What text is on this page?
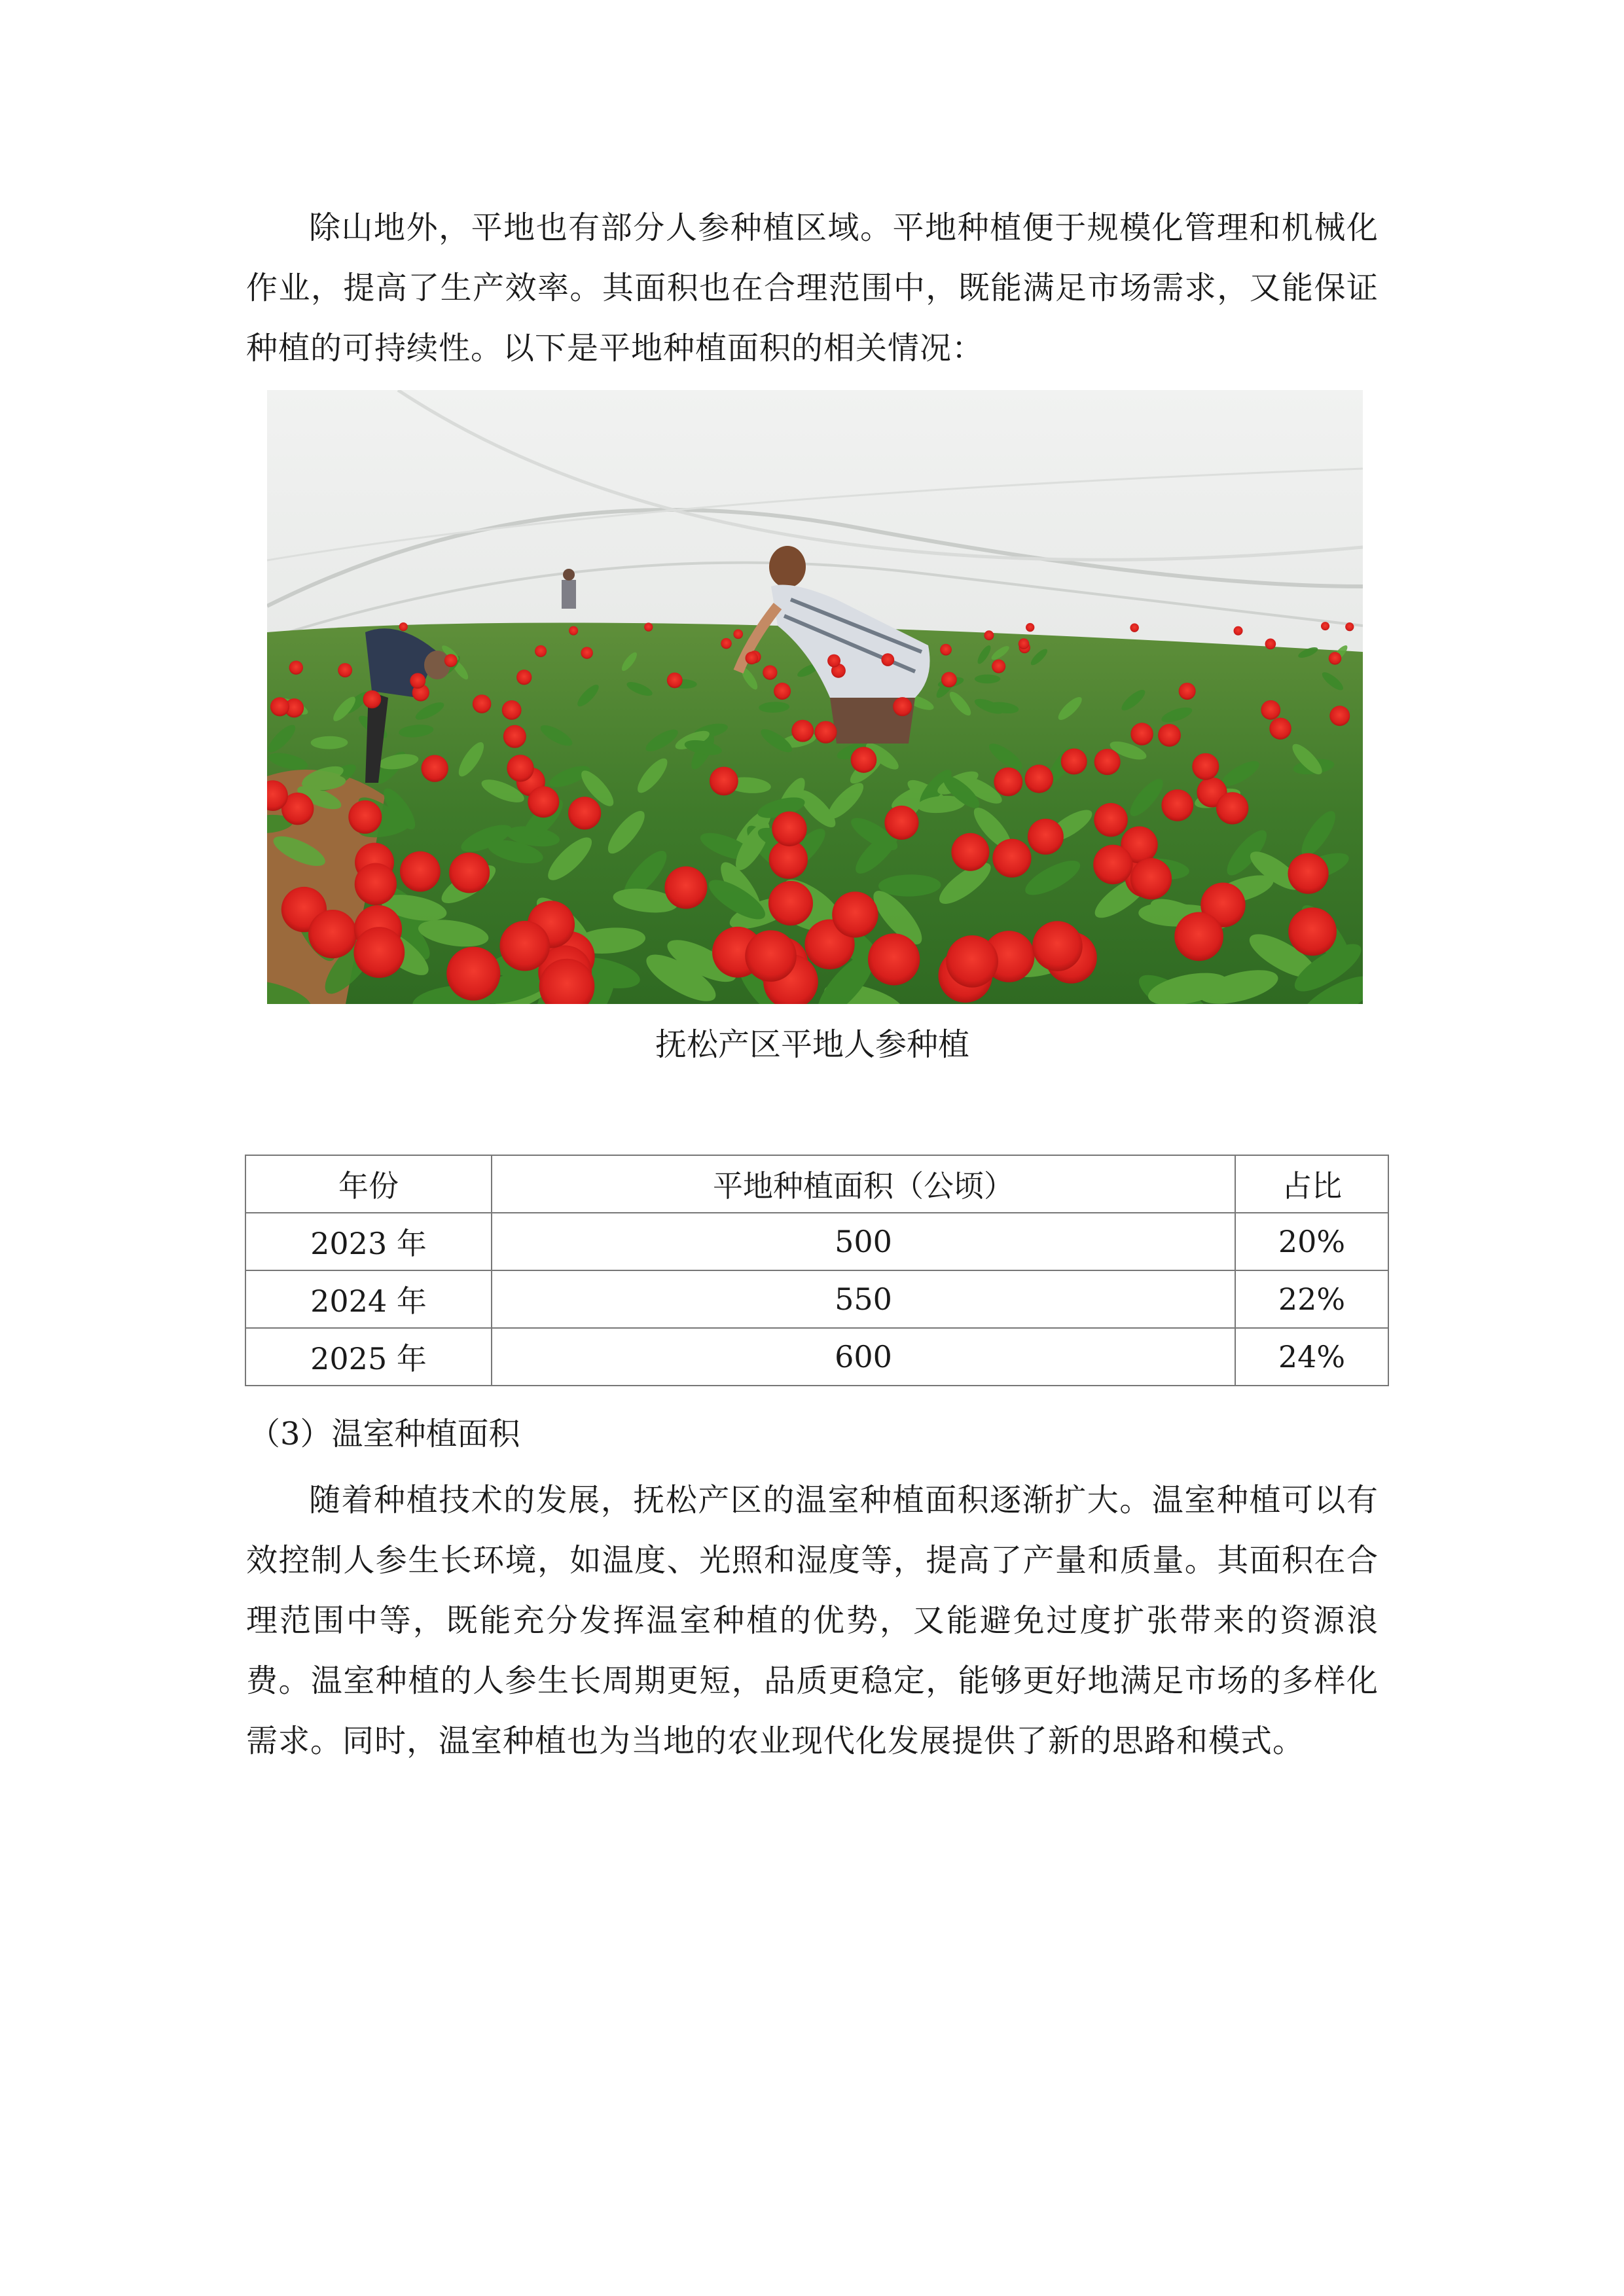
除山地外，平地也有部分人参种植区域。平地种植便于规模化管理和机械化作业，提高了生产效率。其面积也在合理范围中，既能满足市场需求，又能保证种植的可持续性。以下是平地种植面积的相关情况：

抚松产区平地人参种植
年份	平地种植面积（公顷）	占比
2023 年	500	20%
2024 年	550	22%
2025 年	600	24%
（3）温室种植面积

随着种植技术的发展，抚松产区的温室种植面积逐渐扩大。温室种植可以有效控制人参生长环境，如温度、光照和湿度等，提高了产量和质量。其面积在合理范围中等，既能充分发挥温室种植的优势，又能避免过度扩张带来的资源浪费。温室种植的人参生长周期更短，品质更稳定，能够更好地满足市场的多样化需求。同时，温室种植也为当地的农业现代化发展提供了新的思路和模式。
